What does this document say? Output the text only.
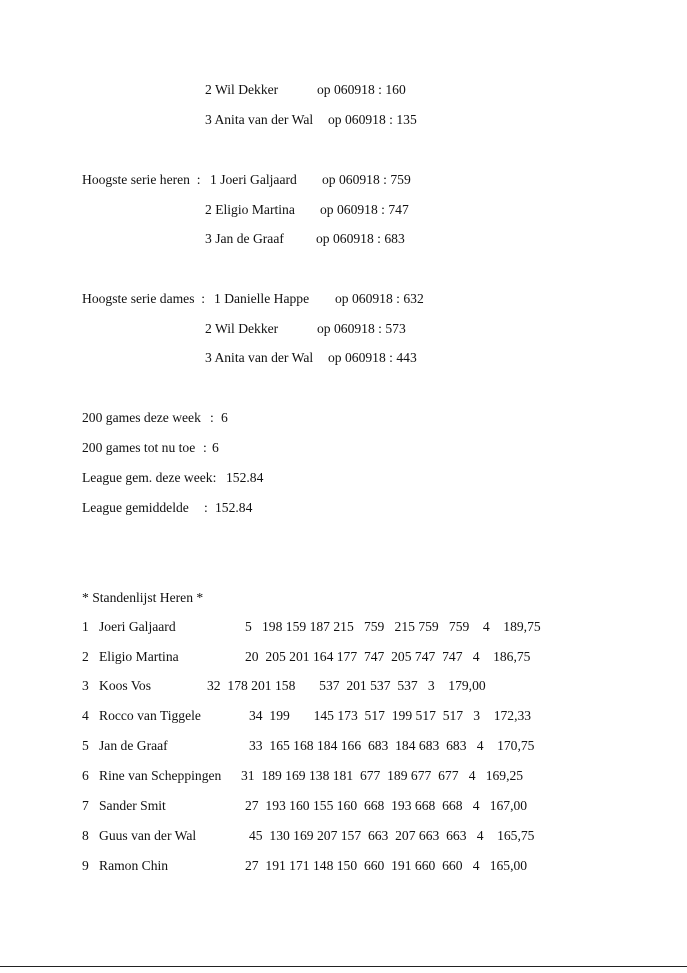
2 Wil Dekker	op 060918 : 160
3 Anita van der Wal op 060918 : 135
Hoogste serie heren  : 1 Joeri Galjaard op 060918 : 759
2 Eligio Martina op 060918 : 747
3 Jan de Graaf op 060918 : 683
Hoogste serie dames  : 1 Danielle Happe op 060918 : 632
2 Wil Dekker	op 060918 : 573
3 Anita van der Wal op 060918 : 443
200 games deze week : 6
200 games tot nu toe : 6
League gem. deze week: 152.84
League gemiddelde : 152.84
* Standenlijst Heren *
1 Joeri Galjaard	5   198 159 187 215   759   215 759   759    4    189,75
2 Eligio Martina	20  205 201 164 177  747  205 747  747   4    186,75
3 Koos Vos	32  178 201 158       537  201 537  537   3    179,00
4 Rocco van Tiggele	34  199       145 173  517  199 517  517   3    172,33
5 Jan de Graaf	33  165 168 184 166  683  184 683  683   4    170,75
6 Rine van Scheppingen 31  189 169 138 181  677  189 677  677   4   169,25
7 Sander Smit	27  193 160 155 160  668  193 668  668   4   167,00
8 Guus van der Wal	45  130 169 207 157  663  207 663  663   4    165,75
9 Ramon Chin	27  191 171 148 150  660  191 660  660   4   165,00
